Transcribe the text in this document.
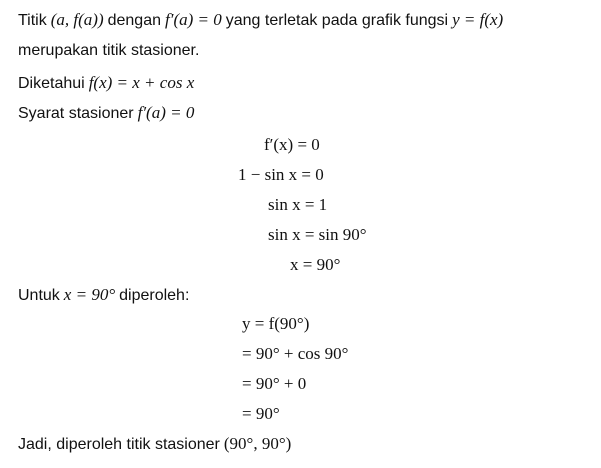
Titik (a, f(a)) dengan f′(a) = 0 yang terletak pada grafik fungsi y = f(x)
merupakan titik stasioner.
Diketahui f(x) = x + cos x
Syarat stasioner f′(a) = 0
f′(x) = 0
1 − sin x = 0
sin x = 1
sin x = sin 90°
x = 90°
Untuk x = 90° diperoleh:
y = f(90°)
= 90° + cos 90°
= 90° + 0
= 90°
Jadi, diperoleh titik stasioner (90°, 90°)
